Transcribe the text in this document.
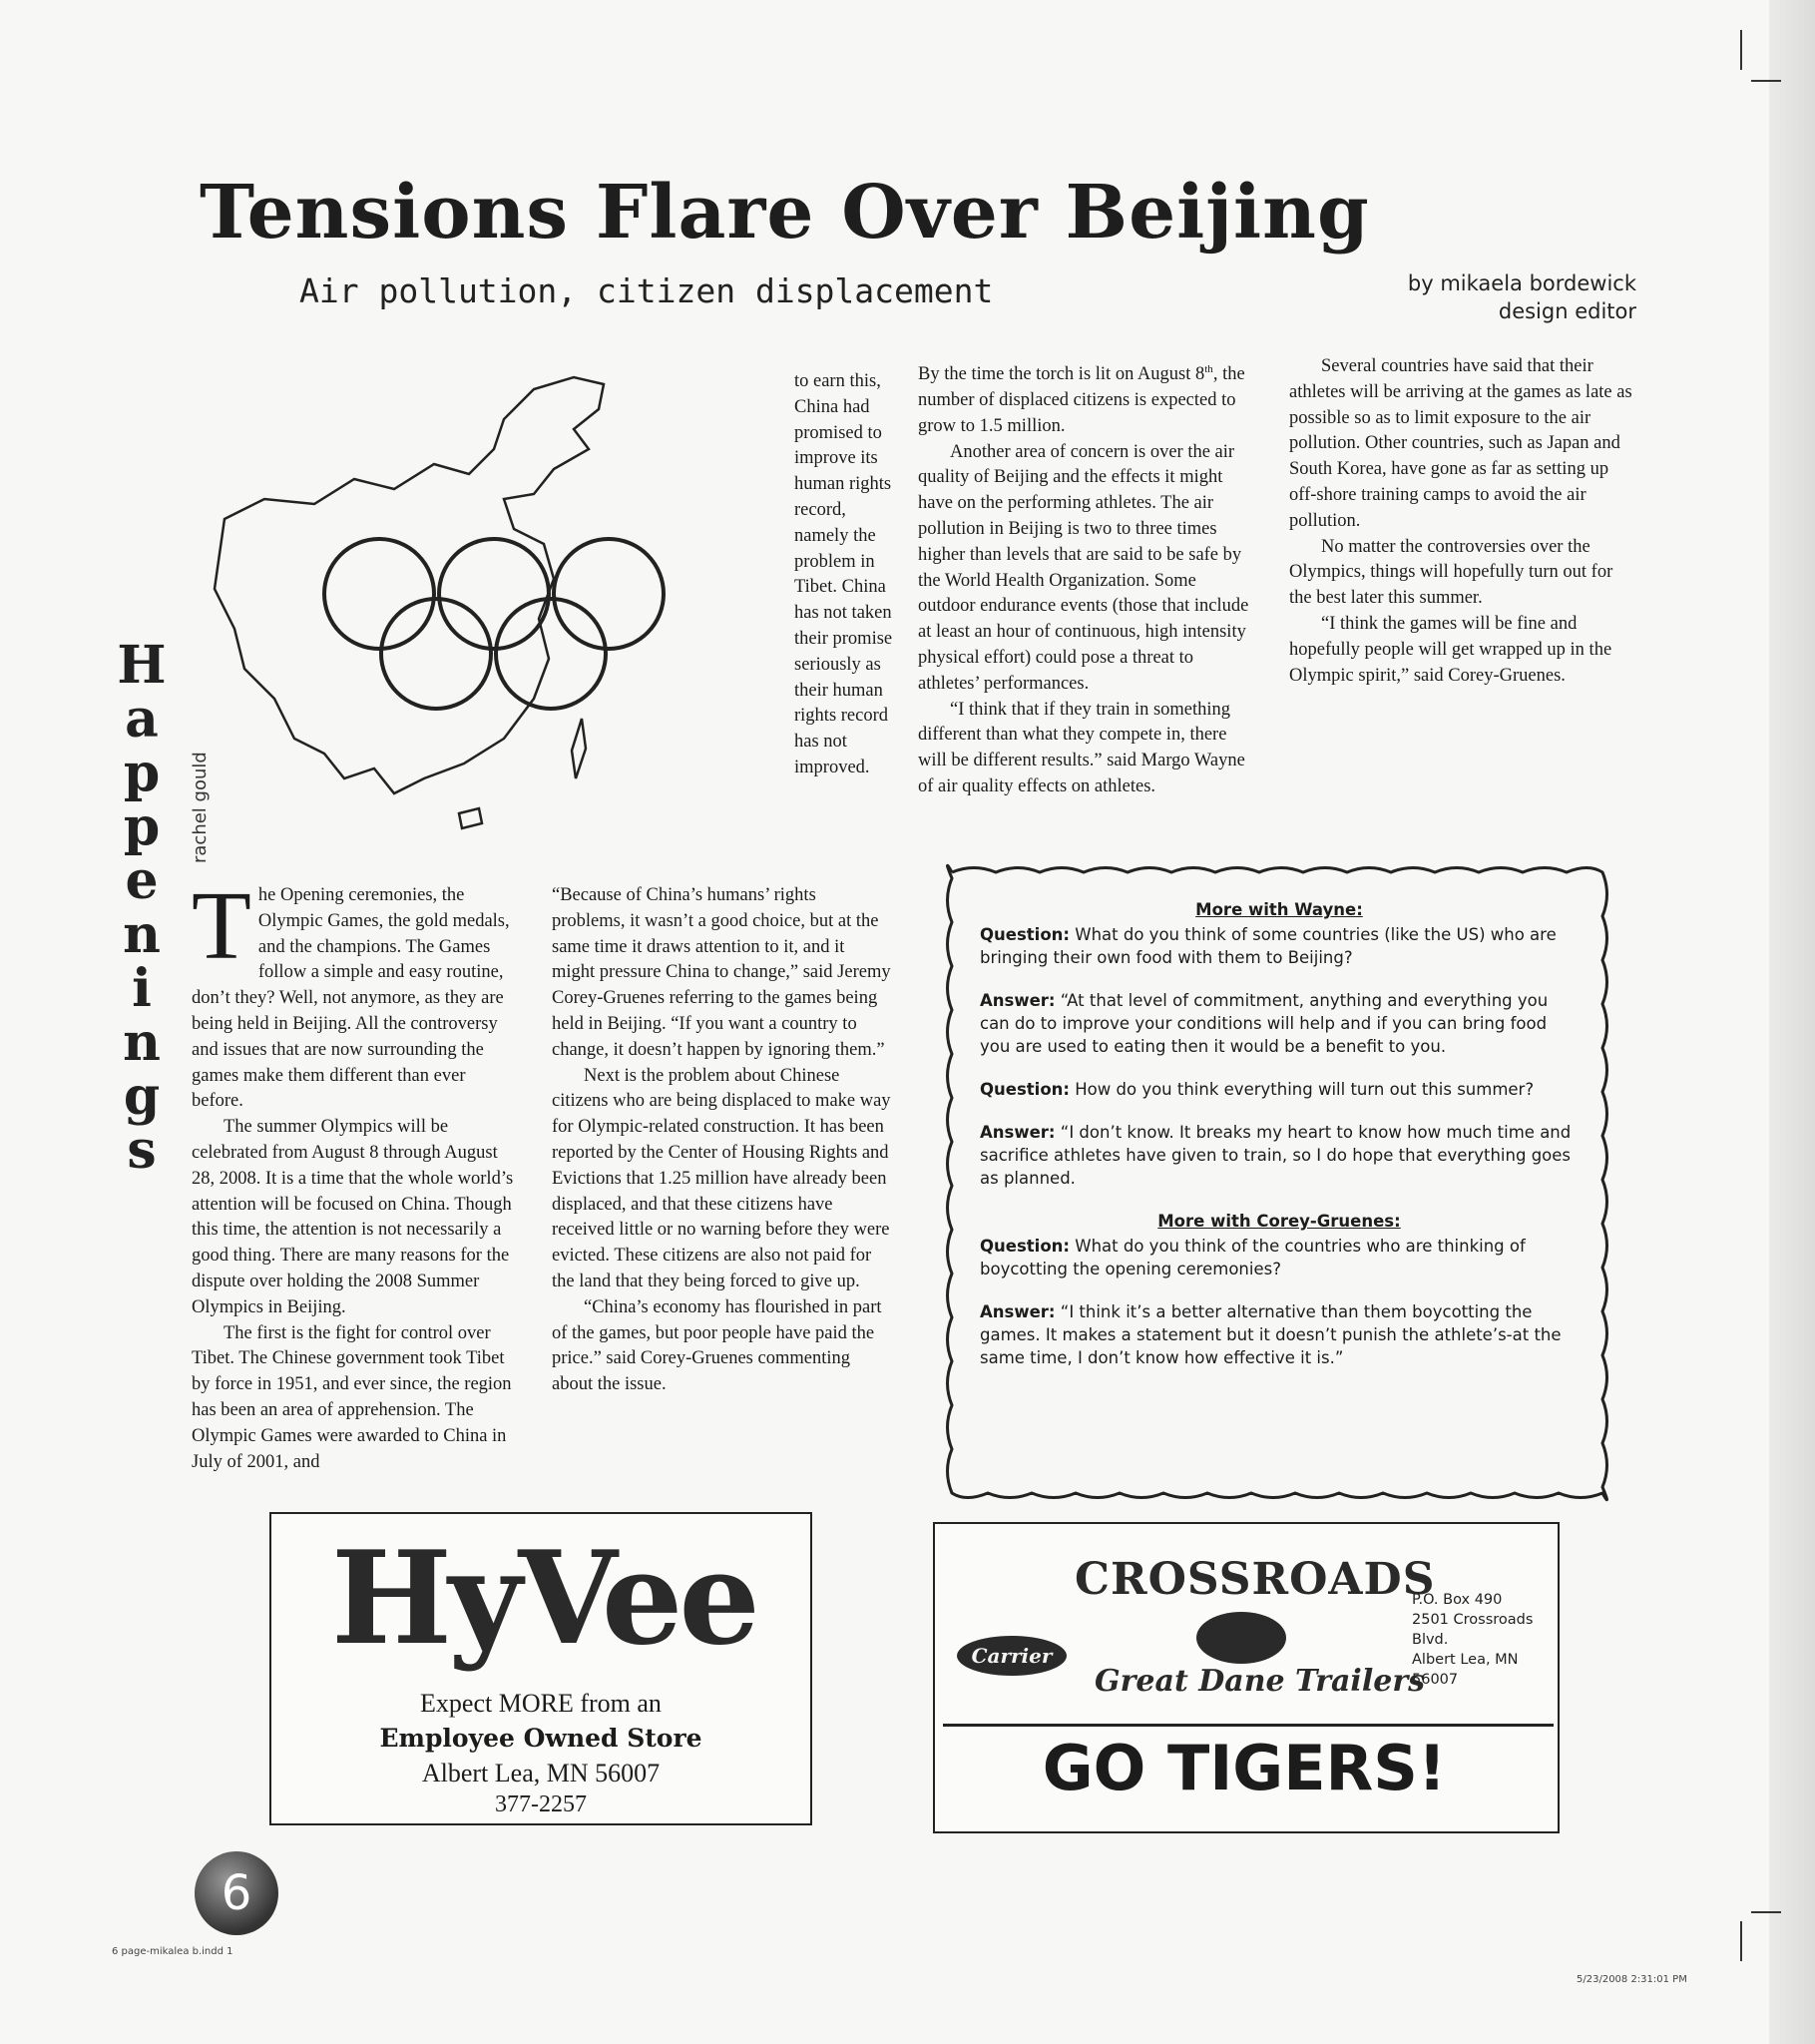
Tensions Flare Over Beijing
Air pollution, citizen displacement	by mikaela bordewick
design editor
H
a
p
p
e
n
i
n
g
s
rachel gould
to earn this, China had promised to improve its human rights record, namely the problem in Tibet. China has not taken their promise seriously as their human rights record has not improved.

The Opening ceremonies, the Olympic Games, the gold medals, and the champions. The Games follow a simple and easy routine, don’t they? Well, not anymore, as they are being held in Beijing. All the controversy and issues that are now surrounding the games make them different than ever before.

The summer Olympics will be celebrated from August 8 through August 28, 2008. It is a time that the whole world’s attention will be focused on China. Though this time, the attention is not necessarily a good thing. There are many reasons for the dispute over holding the 2008 Summer Olympics in Beijing.

The first is the fight for control over Tibet. The Chinese government took Tibet by force in 1951, and ever since, the region has been an area of apprehension. The Olympic Games were awarded to China in July of 2001, and

“Because of China’s humans’ rights problems, it wasn’t a good choice, but at the same time it draws attention to it, and it might pressure China to change,” said Jeremy Corey-Gruenes referring to the games being held in Beijing. “If you want a country to change, it doesn’t happen by ignoring them.”

Next is the problem about Chinese citizens who are being displaced to make way for Olympic-related construction. It has been reported by the Center of Housing Rights and Evictions that 1.25 million have already been displaced, and that these citizens have received little or no warning before they were evicted. These citizens are also not paid for the land that they being forced to give up.

“China’s economy has flourished in part of the games, but poor people have paid the price.” said Corey-Gruenes commenting about the issue.

By the time the torch is lit on August 8th, the number of displaced citizens is expected to grow to 1.5 million.

Another area of concern is over the air quality of Beijing and the effects it might have on the performing athletes. The air pollution in Beijing is two to three times higher than levels that are said to be safe by the World Health Organization. Some outdoor endurance events (those that include at least an hour of continuous, high intensity physical effort) could pose a threat to athletes’ performances.

“I think that if they train in something different than what they compete in, there will be different results.” said Margo Wayne of air quality effects on athletes.

Several countries have said that their athletes will be arriving at the games as late as possible so as to limit exposure to the air pollution. Other countries, such as Japan and South Korea, have gone as far as setting up off-shore training camps to avoid the air pollution.

No matter the controversies over the Olympics, things will hopefully turn out for the best later this summer.

“I think the games will be fine and hopefully people will get wrapped up in the Olympic spirit,” said Corey-Gruenes.

More with Wayne:

Question: What do you think of some countries (like the US) who are bringing their own food with them to Beijing?

Answer: “At that level of commitment, anything and everything you can do to improve your conditions will help and if you can bring food you are used to eating then it would be a benefit to you.

Question: How do you think everything will turn out this summer?

Answer: “I don’t know. It breaks my heart to know how much time and sacrifice athletes have given to train, so I do hope that everything goes as planned.

More with Corey-Gruenes:

Question: What do you think of the countries who are thinking of boycotting the opening ceremonies?

Answer: “I think it’s a better alternative than them boycotting the games. It makes a statement but it doesn’t punish the athlete’s-at the same time, I don’t know how effective it is.”

HyVee
Expect MORE from an
Employee Owned Store
Albert Lea, MN 56007
377-2257
CROSSROADS
Carrier
Great Dane Trailers
P.O. Box 490
2501 Crossroads
Blvd.
Albert Lea, MN
56007
GO TIGERS!
6
6 page-mikalea b.indd 1
5/23/2008 2:31:01 PM
